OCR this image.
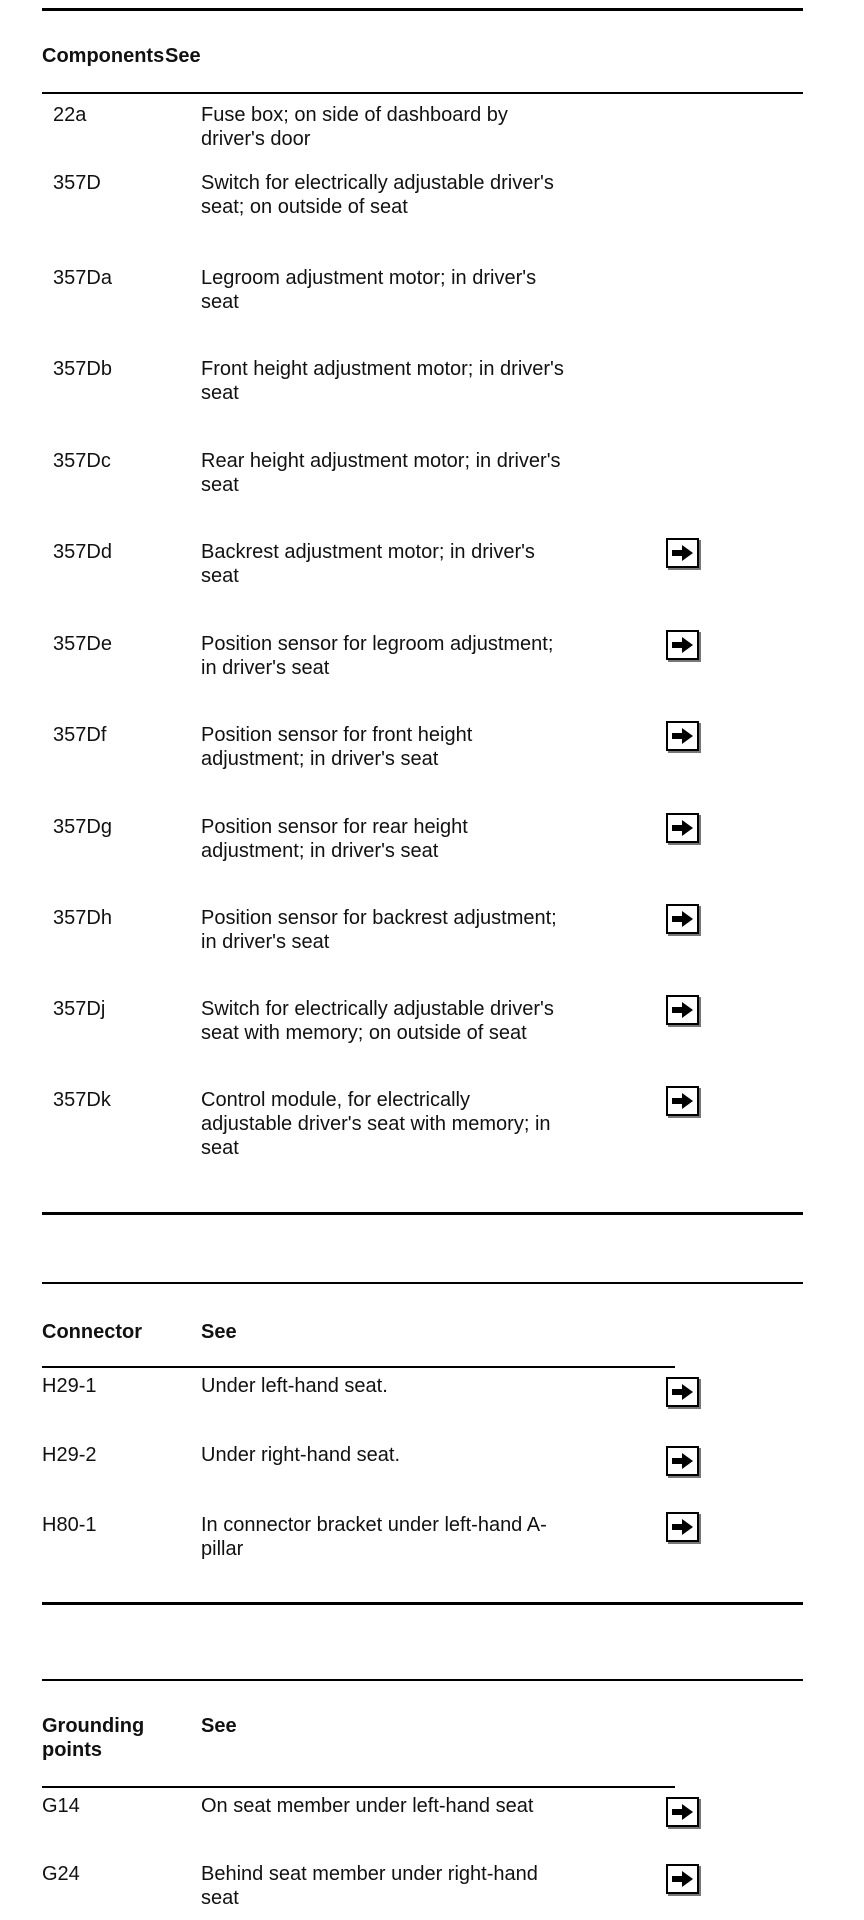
Components See
22a	Fuse box; on side of dashboard by
driver's door
357D	Switch for electrically adjustable driver's
seat; on outside of seat
357Da	Legroom adjustment motor; in driver's
seat
357Db	Front height adjustment motor; in driver's
seat
357Dc	Rear height adjustment motor; in driver's
seat
357Dd	Backrest adjustment motor; in driver's
seat
357De	Position sensor for legroom adjustment;
in driver's seat
357Df	Position sensor for front height
adjustment; in driver's seat
357Dg	Position sensor for rear height
adjustment; in driver's seat
357Dh	Position sensor for backrest adjustment;
in driver's seat
357Dj	Switch for electrically adjustable driver's
seat with memory; on outside of seat
357Dk	Control module, for electrically
adjustable driver's seat with memory; in
seat
Connector	See
H29-1	Under left-hand seat.
H29-2	Under right-hand seat.
H80-1	In connector bracket under left-hand A-
pillar
Grounding
points
See
G14	On seat member under left-hand seat
G24	Behind seat member under right-hand
seat
